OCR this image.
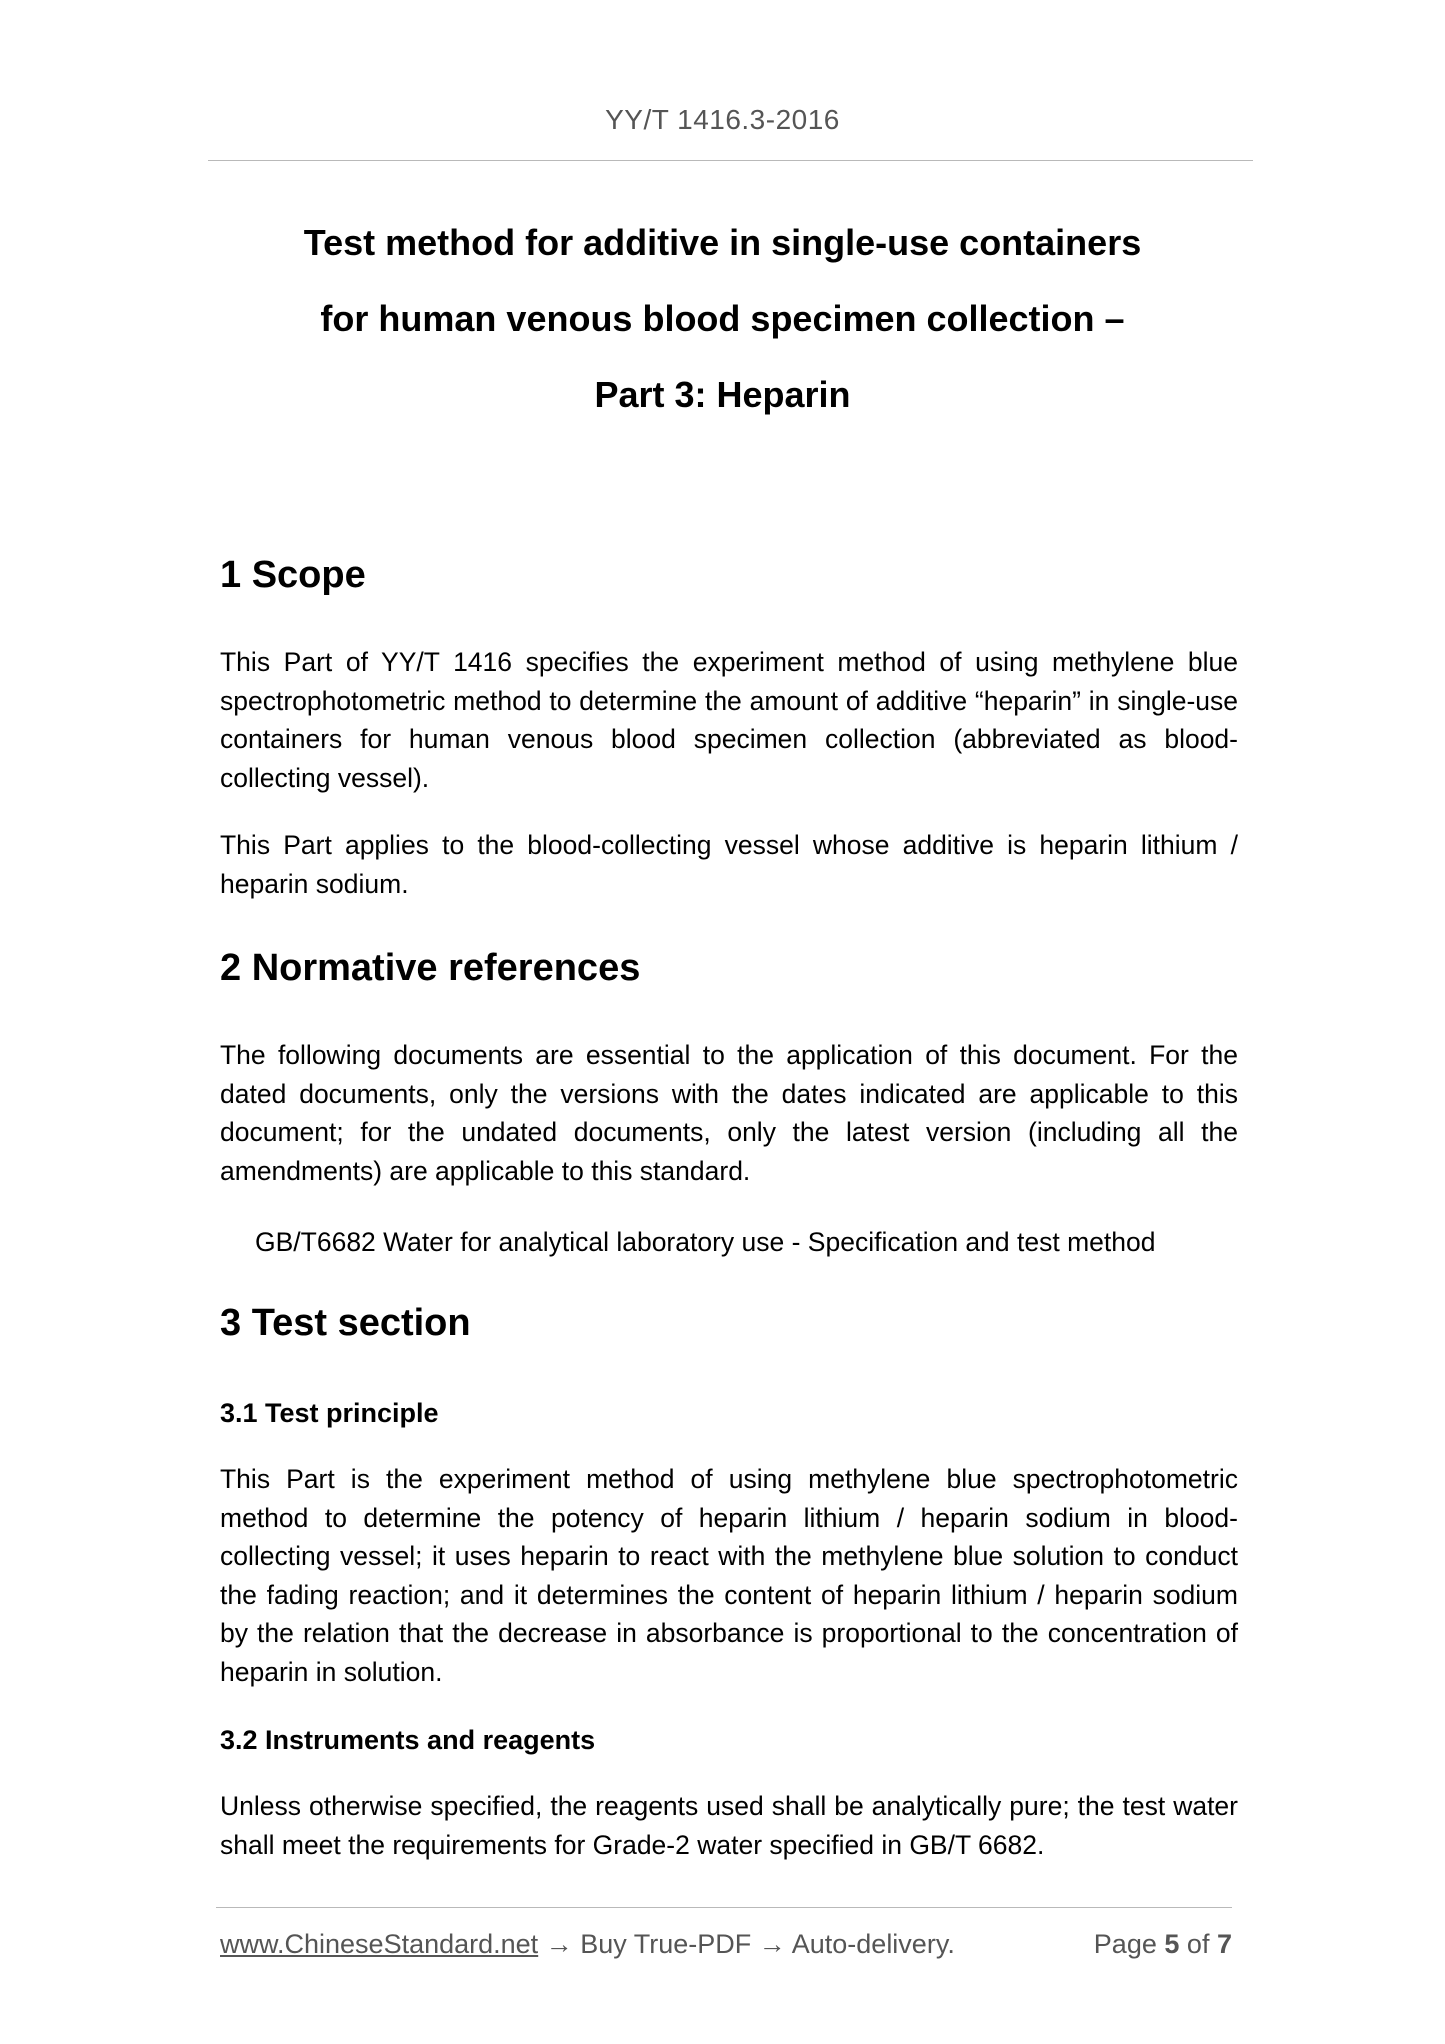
YY/T 1416.3-2016
Test method for additive in single-use containers
for human venous blood specimen collection –
Part 3: Heparin
1 Scope

This Part of YY/T 1416 specifies the experiment method of using methylene blue spectrophotometric method to determine the amount of additive “heparin” in single-use containers for human venous blood specimen collection (abbreviated as blood-collecting vessel).

This Part applies to the blood-collecting vessel whose additive is heparin lithium / heparin sodium.

2 Normative references

The following documents are essential to the application of this document. For the dated documents, only the versions with the dates indicated are applicable to this document; for the undated documents, only the latest version (including all the amendments) are applicable to this standard.

GB/T6682 Water for analytical laboratory use - Specification and test method

3 Test section
3.1 Test principle

This Part is the experiment method of using methylene blue spectrophotometric method to determine the potency of heparin lithium / heparin sodium in blood-collecting vessel; it uses heparin to react with the methylene blue solution to conduct the fading reaction; and it determines the content of heparin lithium / heparin sodium by the relation that the decrease in absorbance is proportional to the concentration of heparin in solution.

3.2 Instruments and reagents

Unless otherwise specified, the reagents used shall be analytically pure; the test water shall meet the requirements for Grade-2 water specified in GB/T 6682.

www.ChineseStandard.net → Buy True-PDF → Auto-delivery.	Page 5 of 7
